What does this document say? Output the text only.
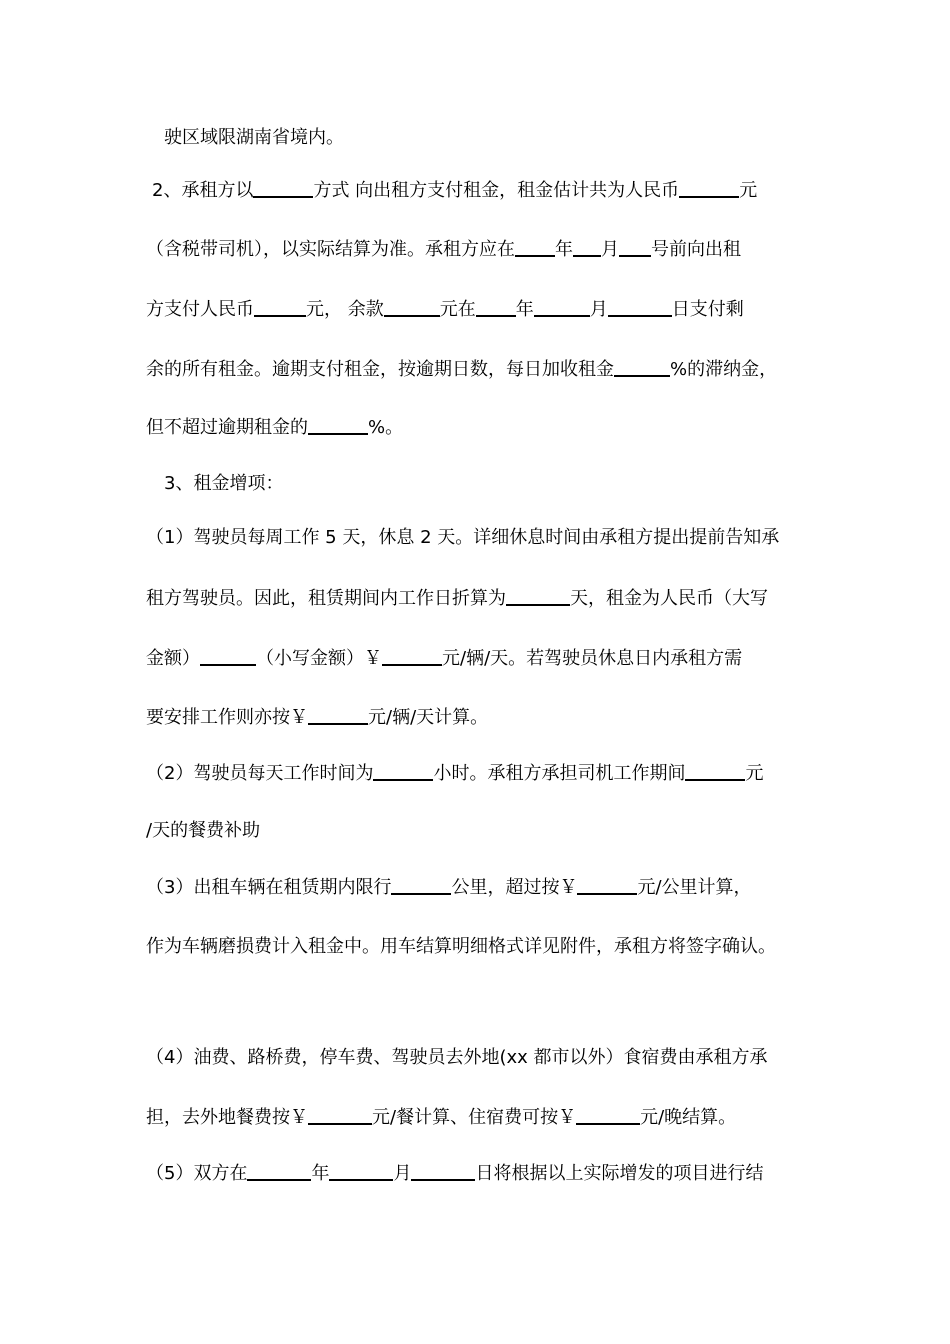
驶区域限湖南省境内。
2、承租方以	方式 向出租方支付租金，租金估计共为人民币	元
（含税带司机），以实际结算为准。承租方应在 年 月 号前向出租
方支付人民币	元， 余款	元在 年	月	日支付剩
余的所有租金。逾期支付租金，按逾期日数，每日加收租金	%的滞纳金，
但不超过逾期租金的	%。
3、租金增项：
（1）驾驶员每周工作 5 天，休息 2 天。详细休息时间由承租方提出提前告知承
租方驾驶员。因此，租赁期间内工作日折算为	天，租金为人民币（大写
金额）	（小写金额）￥	元/辆/天。若驾驶员休息日内承租方需
要安排工作则亦按￥	元/辆/天计算。
（2）驾驶员每天工作时间为	小时。承租方承担司机工作期间	元
/天的餐费补助
（3）出租车辆在租赁期内限行	公里，超过按￥	元/公里计算，
作为车辆磨损费计入租金中。用车结算明细格式详见附件，承租方将签字确认。
（4）油费、路桥费，停车费、驾驶员去外地(xx 都市以外）食宿费由承租方承
担，去外地餐费按￥	元/餐计算、住宿费可按￥	元/晚结算。
（5）双方在	年	月	日将根据以上实际增发的项目进行结
